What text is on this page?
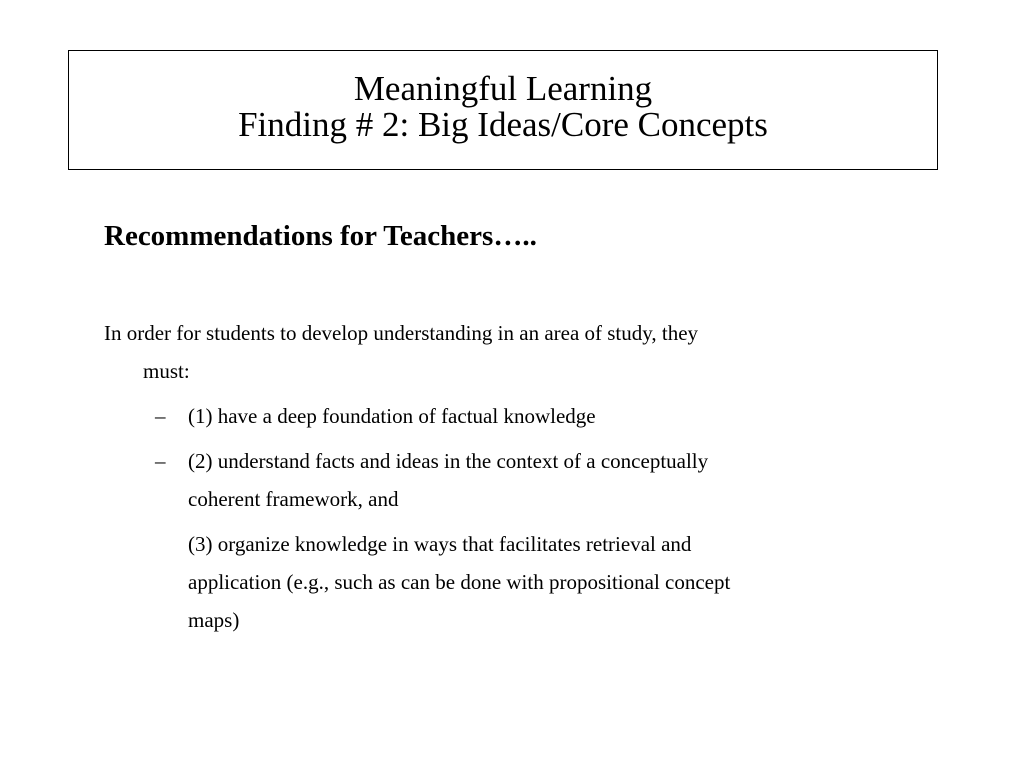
Meaningful Learning
Finding # 2: Big Ideas/Core Concepts
Recommendations for Teachers…..
In order for students to develop understanding in an area of study, they
must:
– (1) have a deep foundation of factual knowledge
– (2) understand facts and ideas in the context of a conceptually
coherent framework, and
(3) organize knowledge in ways that facilitates retrieval and
application (e.g., such as can be done with propositional concept
maps)
